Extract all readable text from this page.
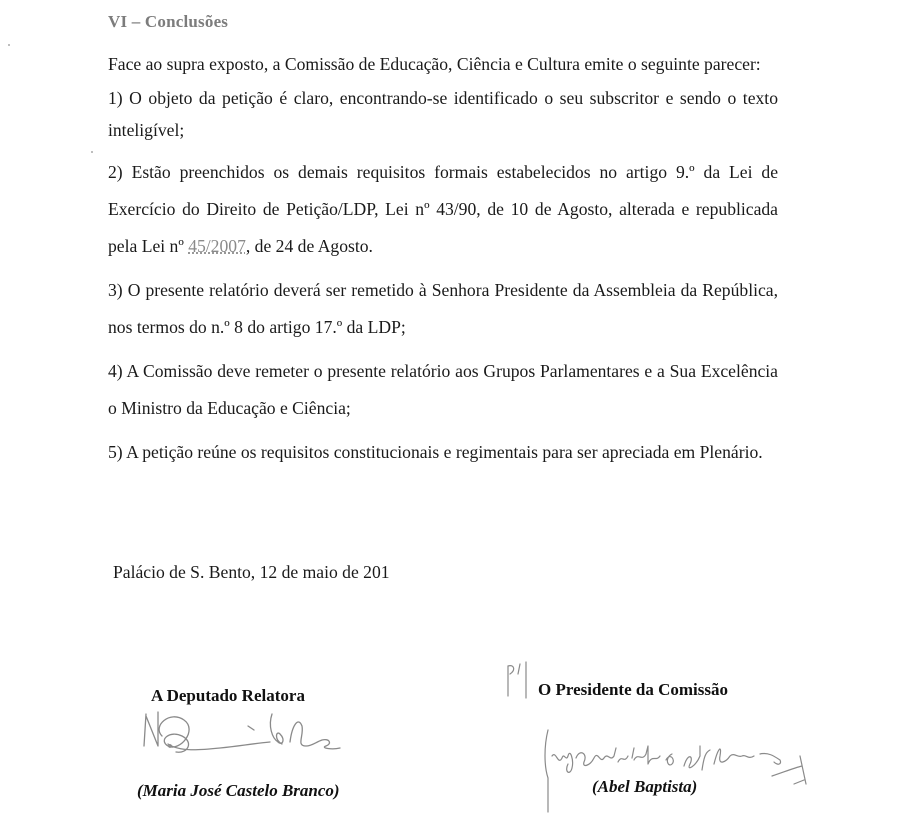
VI – Conclusões

Face ao supra exposto, a Comissão de Educação, Ciência e Cultura emite o seguinte parecer:

1) O objeto da petição é claro, encontrando-se identificado o seu subscritor e sendo o texto inteligível;

2) Estão preenchidos os demais requisitos formais estabelecidos no artigo 9.º da Lei de Exercício do Direito de Petição/LDP, Lei nº 43/90, de 10 de Agosto, alterada e republicada pela Lei nº 45/2007, de 24 de Agosto.

3) O presente relatório deverá ser remetido à Senhora Presidente da Assembleia da República, nos termos do n.º 8 do artigo 17.º da LDP;

4) A Comissão deve remeter o presente relatório aos Grupos Parlamentares e a Sua Excelência o Ministro da Educação e Ciência;

5) A petição reúne os requisitos constitucionais e regimentais para ser apreciada em Plenário.

Palácio de S. Bento, 12 de maio de 201
A Deputado Relatora
(Maria José Castelo Branco)
O Presidente da Comissão
(Abel Baptista)
